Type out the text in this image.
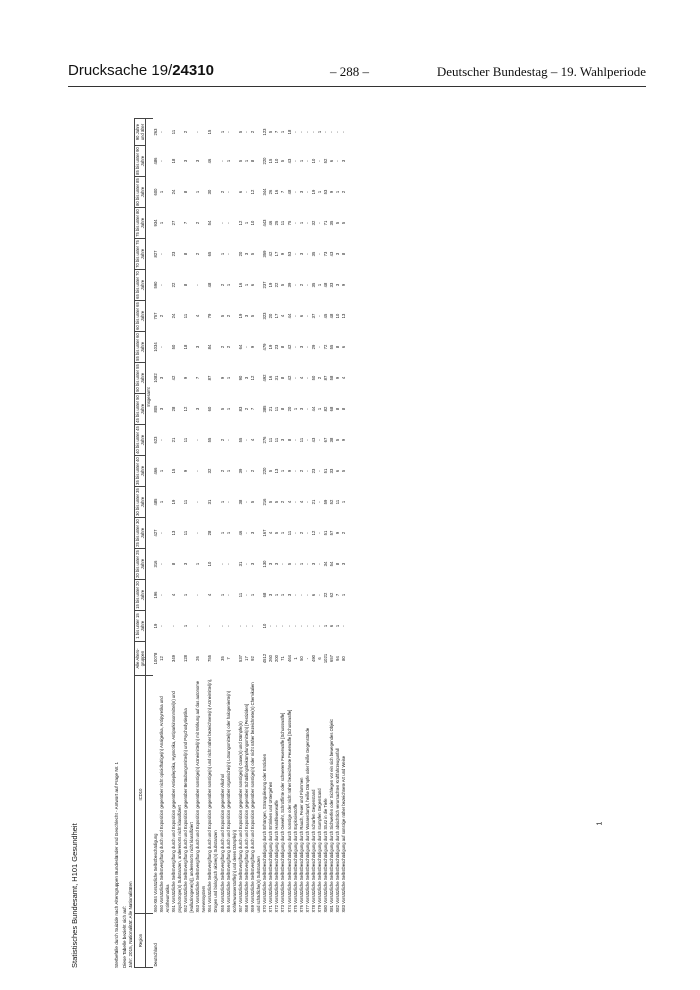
Drucksache 19/24310	– 288 –	Deutscher Bundestag – 19. Wahlperiode
Statistisches Bundesamt, H101 Gesundheit	Sterbefälle durch Suizide nach Altersgruppen Bundesländer und Geschlecht - Antwort auf Frage Nr. 1 Diese Tabelle bezieht sich auf: Jahr: 2015, Nationalität: Alle Nationalitäten Region	ICD10	Alle Alters-gruppen	1 bis unter 15 Jahre	15 bis unter 20 Jahre	20 bis unter 25 Jahre	25 bis unter 30 Jahre	30 bis unter 35 Jahre	35 bis unter 40 Jahre	40 bis unter 45 Jahre	45 bis unter 50 Jahre	50 bis unter 55 Jahre	55 bis unter 60 Jahre	60 bis unter 65 Jahre	65 bis unter 70 Jahre	70 bis unter 75 Jahre	75 bis unter 80 Jahre	80 bis unter 85 Jahre	85 bis unter 90 Jahre	90 Jahre und älter
		Insgesamt																	
Deutschland	X60-X84 Vorsätzliche Selbstbeschädigung	10078	19	196	316	427	485	466	623	805	1082	1034	757	590	827	934	600	486	263
	X60 Vorsätzliche Selbstvergiftung durch und Exposition gegenüber nicht opioidhaltige(n) Analgetika, Antipyretika und Antirheumatika	12	-	-	-	-	1	1	-	3	3	-	2	-	-	1	1	-	-
	X61 Vorsätzliche Selbstvergiftung durch und Exposition gegenüber Antiepileptika, Hypnotika, Antiparkinsonmittel(n) und psychotrope(n) Substanzen, anderenorts nicht klassifiziert	349	-	4	8	13	19	15	21	28	42	50	24	22	23	27	24	18	11
	X62 Vorsätzliche Selbstvergiftung durch und Exposition gegenüber Betäubungsmittel(n) und Psychodysleptika [Halluzinogene(n)], anderenorts nicht klassifiziert	128	1	1	3	11	11	9	11	12	9	18	11	8	8	7	8	3	2
	X63 Vorsätzliche Selbstvergiftung durch und Exposition gegenüber sonstige(n) Arzneimittel(n) mit Wirkung auf das autonome Nervensystem	26	-	-	1	-	-	-	-	3	7	3	4	-	2	2	1	3	-
	X64 Vorsätzliche Selbstvergiftung durch und Exposition gegenüber sonstige(n) und nicht näher bezeichnete(n) Arzneimittel(n), Drogen und biologisch aktive(n) Substanzen	755	-	4	10	28	31	32	55	60	87	84	79	48	65	54	30	46	15
	X65 Vorsätzliche Selbstvergiftung durch und Exposition gegenüber Alkohol	35	-	1	-	1	1	2	2	5	9	2	5	2	1	-	2	-	1
	X66 Vorsätzliche Selbstvergiftung durch und Exposition gegenüber organische(n) Lösungsmittel(n) oder halogenierte(n) Kohlenwasserstoffe(n) und deren Dämpfe(n)	7	-	-	-	1	-	1	-	1	1	2	2	1	-	-	-	1	-
	X67 Vorsätzliche Selbstvergiftung durch und Exposition gegenüber sonstige(n) Gase(n) und Dämpfe(n)	537	-	11	31	46	38	39	55	83	90	64	19	16	20	12	6	5	5
	X68 Vorsätzliche Selbstvergiftung durch und Exposition gegenüber Schädlingsbekämpfungsmittel(n) [Pestiziden]	17	-	-	-	-	-	-	-	2	3	-	3	1	3	1	-	1	-
	X69 Vorsätzliche Selbstvergiftung durch und Exposition gegenüber sonstige(n) oder nicht näher bezeichnete(n) Chemikalien und schädliche(n) Substanzen	92	-	1	3	3	5	2	4	7	12	9	5	6	5	10	12	8	2
	X70 Vorsätzliche Selbstbeschädigung durch Erhängen, Strangulierung oder Ersticken	4512	10	68	130	167	216	220	276	385	492	479	323	237	359	443	344	220	123
	X71 Vorsätzliche Selbstbeschädigung durch Ertrinken und Untergehen	260	-	3	3	4	5	5	11	21	16	19	20	19	42	46	26	15	5
	X72 Vorsätzliche Selbstbeschädigung durch Handfeuerwaffe	200	-	1	3	5	5	13	11	11	31	23	17	22	17	25	16	10	7
	X73 Vorsätzliche Selbstbeschädigung durch Gewehr, Schrotflinte oder schwerere Feuerwaffe [Schusswaffe]	71	-	1	-	1	2	1	3	8	8	8	4	5	9	11	7	5	1
	X74 Vorsätzliche Selbstbeschädigung durch sonstige oder nicht näher bezeichnete Feuerwaffe [Schusswaffe]	464	-	3	5	11	4	9	8	20	42	42	44	39	53	75	48	43	18
	X75 Vorsätzliche Selbstbeschädigung durch Explosivstoffe	1	-	-	-	-	-	-	-	1	-	-	-	-	-	-	-	-	-
	X76 Vorsätzliche Selbstbeschädigung durch Rauch, Feuer und Flammen	50	-	-	1	2	4	2	11	3	4	3	6	2	3	1	3	1	-
	X77 Vorsätzliche Selbstbeschädigung durch Wasserdampf, heiße Dämpfe oder heiße Gegenstände	-	-	-	-	-	-	-	-	-	-	-	-	-	-	-	-	-	-
	X78 Vorsätzliche Selbstbeschädigung durch scharfen Gegenstand	490	-	6	3	12	21	23	43	44	50	29	37	35	35	32	19	10	-
	X79 Vorsätzliche Selbstbeschädigung durch stumpfen Gegenstand	6	-	-	-	-	-	-	-	1	2	-	-	1	-	-	1	-	1
	X80 Vorsätzliche Selbstbeschädigung durch Sturz in die Tiefe	1021	1	22	34	51	59	51	67	82	87	72	45	48	73	71	53	52	-
	X81 Vorsätzliche Selbstbeschädigung durch Sichwerfen oder Sichlegen vor ein sich bewegendes Objekt	657	6	62	54	57	52	33	38	68	58	55	48	33	43	35	9	6	-
	X82 Vorsätzliche Selbstbeschädigung durch absichtlich verursachten Kraftfahrzeugunfall	94	1	7	8	9	11	6	5	8	9	8	10	3	3	5	1	-	-
	X83 Vorsätzliche Selbstbeschädigung auf sonstige näher bezeichnete Art und Weise	80	-	1	3	2	1	5	9	8	4	6	13	9	8	5	2	3	-
1
